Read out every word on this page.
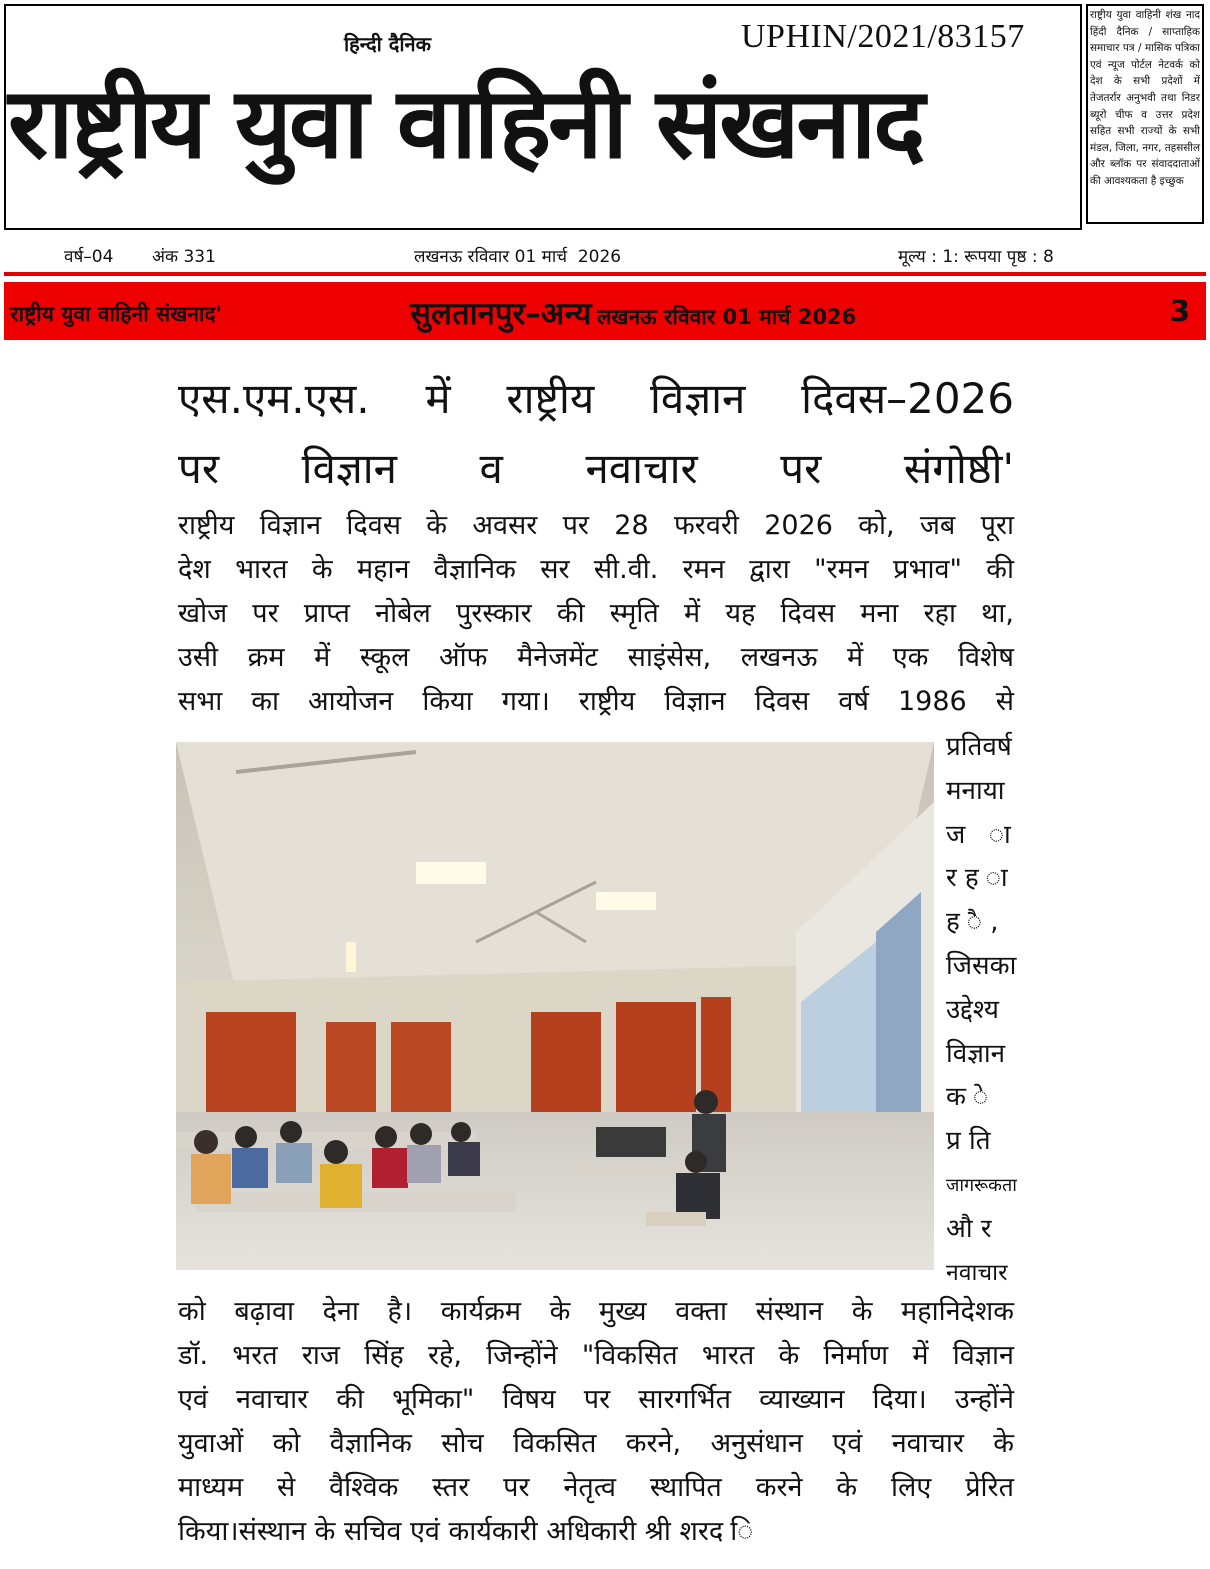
हिन्दी दैनिक	UPHIN/2021/83157
राष्ट्रीय युवा वाहिनी संखनाद
राष्ट्रीय युवा वाहिनी शंख नाद हिंदी दैनिक / साप्ताहिक समाचार पत्र / मासिक पत्रिका एवं न्यूज पोर्टल नेटवर्क को देश के सभी प्रदेशों में तेजतर्रार अनुभवी तथा निडर ब्यूरो चीफ व उत्तर प्रदेश सहित सभी राज्यों के सभी मंडल, जिला, नगर, तहससील और ब्लॉक पर संवाददाताओं की आवश्यकता है इच्छुक
वर्ष–04 अंक 331	लखनऊ रविवार 01 मार्च  2026	मूल्य : 1: रूपया पृष्ठ : 8
राष्ट्रीय युवा वाहिनी संखनाद'	सुलतानपुर–अन्य लखनऊ रविवार 01 मार्च 2026	3
एस.एम.एस. में राष्ट्रीय विज्ञान दिवस–2026
पर विज्ञान व नवाचार पर संगोष्ठी'
राष्ट्रीय विज्ञान दिवस के अवसर पर 28 फरवरी 2026 को, जब पूरा
देश भारत के महान वैज्ञानिक सर सी.वी. रमन द्वारा "रमन प्रभाव" की
खोज पर प्राप्त नोबेल पुरस्कार की स्मृति में यह दिवस मना रहा था,
उसी क्रम में स्कूल ऑफ मैनेजमेंट साइंसेस, लखनऊ में एक विशेष
सभा का आयोजन किया गया। राष्ट्रीय विज्ञान दिवस वर्ष 1986 से
प्रतिवर्ष
मनाया
ज   ा
र ह ा
ह ै ,
जिसका
उद्देश्य
विज्ञान
क े
प्र ति
जागरूकता
औ र
नवाचार
को बढ़ावा देना है। कार्यक्रम के मुख्य वक्ता संस्थान के महानिदेशक
डॉ. भरत राज सिंह रहे, जिन्होंने "विकसित भारत के निर्माण में विज्ञान
एवं नवाचार की भूमिका" विषय पर सारगर्भित व्याख्यान दिया। उन्होंने
युवाओं को वैज्ञानिक सोच विकसित करने, अनुसंधान एवं नवाचार के
माध्यम से वैश्विक स्तर पर नेतृत्व स्थापित करने के लिए प्रेरित
किया।संस्थान के सचिव एवं कार्यकारी अधिकारी श्री शरद ि
